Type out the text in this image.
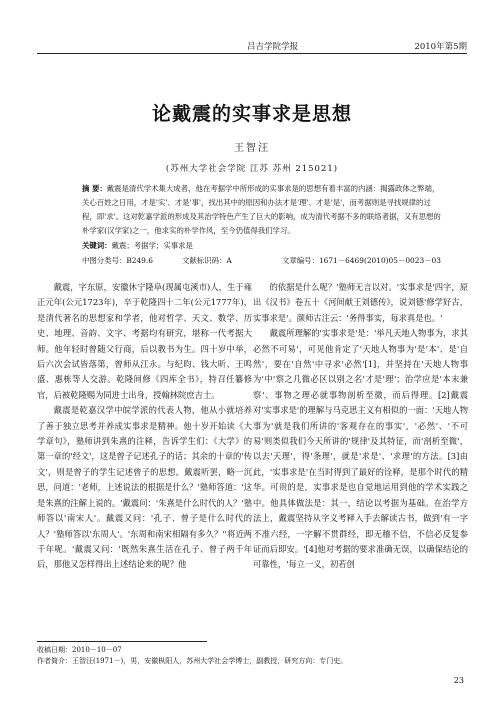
吕吉学院学报	2010年第5期
论戴震的实事求是思想
王智汪
(苏州大学社会学院 江苏 苏州 215021)
摘 要：戴震是清代学术集大成者，他在考据学中所形成的实事求是的思想有着丰富的内涵：揭露政体之弊端，关心百姓之日用，才是'实'、才是'事'，找出其中的原因和办法才是'理'、才是'是'，而考据则是寻找规律的过程，即'求'。这对乾嘉学派的形成及其治学特色产生了巨大的影响，成为清代考据不多的联络者据，又有思想的朴学家(汉学家)之一，他求实的朴学作风，至今仍值得我们学习。
关键词：戴震；考据学；实事求是
中图分类号：B249.6	文献标识码：A	文章编号：1671－6469(2010)05－0023－03

戴震，字东原，安徽休宁隆阜(现属屯溪市)人，生于雍正元年(公元1723年)，卒于乾隆四十二年(公元1777年)，是清代著名的思想家和学者，他对哲学、天文、数学、历史、地理、音韵、文字、考据均有研究，堪称一代考据大师。他年轻时曾随父行商，后以教书为生。四十岁中举，后六次会试皆落第，曾师从江永。与纪昀、钱大昕、王鸣盛、惠栋等人交游。乾隆间修《四库全书》，特召任纂修官，后被乾隆赐为同进士出身，授翰林院庶吉士。

戴震是乾嘉汉学中皖学派的代表人物，他从小就培养了善于独立思考并养成实事求是精神。他十岁开始读《大学章句》，塾师讲到朱熹的注释，告诉学生们：《大学》的第一章的'经文'，这是曾子记述孔子的话；其余的十章的'传文'，则是曾子的学生记述曾子的思想。戴震听罢，略一沉思，问道：'老师，上述说法的根据是什么？'塾师答道：'这是朱熹的注解上说的。'戴震问：'朱熹是什么时代的人？'塾师答以'南宋人'。戴震又问：'孔子、曾子是什么时代的人？'塾师答以'东周人'。'东周和南宋相隔有多久？''将近两千年呢。'戴震又问：'既然朱熹生活在孔子、曾子两千年后，那他又怎样得出上述结论来的呢？他

的依据是什么呢？'塾师无言以对。'实事求是'四字，原出《汉书》卷五十《河间献王刘德传》，说刘德'修学好古，实事求是'。颜师古注云：'务得事实，每求真是也。'

戴震所理解的'实事求是'是：'举凡天地人物事为，求其必然不可易'，可见他肯定了'天地人物事为'是'本'、是'自然'，要在'自然'中寻求'必然'[1]，并坚持在'天地人物事为'中'察之几微必区以别之名'才是'理'；治学应是'本末兼察'、事物之理必就事物剖析至微，而后得理。[2]戴震对'实事求是'的理解与马克思主义有相似的一面：'天地人物事为'就是我们所讲的'客观存在的事实'，'必然'、'不可易'则类似我们今天所讲的'规律'及其特征，而'剖析至微'，以去'天理'，得'条理'，就是'求是'、'求理'的方法。[3]由此，'实事求是'在当时得到了最好的诠释，是那个时代的精华。可贵的是，实事求是也自觉地运用到他的学术实践之中。他具体做法是：其一，结论以考据为基础。在治学方法上，戴震坚持从字义考释入手去解读古书，做到'有一字不准六经，一字解不贯群经，即无稽不信，不信必反复参证而后即安。'[4]他对考据的要求准确无误，以确保结论的可靠性，'每立一义，初若创

收稿日期：2010－10－07
作者简介：王智汪(1971－)，男，安徽枞阳人，苏州大学社会学博士，副教授，研究方向：专门史。
23
